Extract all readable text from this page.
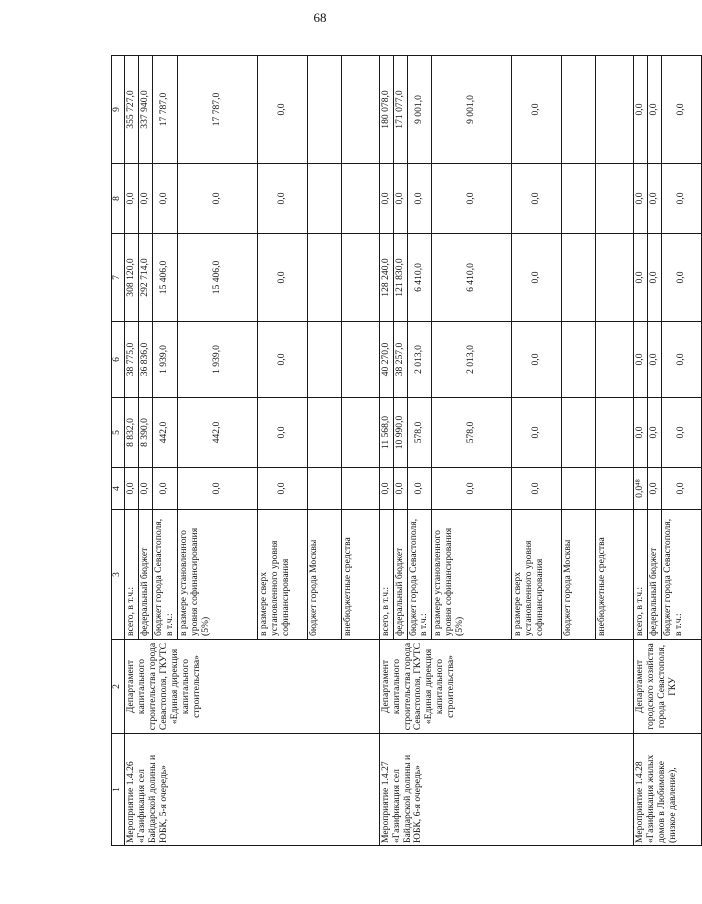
68
1	2	3	4	5	6	7	8	9
Мероприятие 1.4.26 «Газификация сел Байдарской долины и ЮБК, 5-я очередь»	Департамент капитального строительства города Севастополя, ГКУТС «Единая дирекция капитального строительства»	всего, в т.ч.:	0,0	8 832,0	38 775,0	308 120,0	0,0	355 727,0
		федеральный бюджет	0,0	8 390,0	36 836,0	292 714,0	0,0	337 940,0
		бюджет города Севастополя, в т.ч.:	0,0	442,0	1 939,0	15 406,0	0,0	17 787,0
		в размере установленного уровня софинансирования (5%)	0,0	442,0	1 939,0	15 406,0	0,0	17 787,0
		в размере сверх установленного уровня софинансирования	0,0	0,0	0,0	0,0	0,0	0,0
		бюджет города Москвы						
		внебюджетные средства						
Мероприятие 1.4.27 «Газификация сел Байдарской долины и ЮБК, 6-я очередь»	Департамент капитального строительства города Севастополя, ГКУТС «Единая дирекция капитального строительства»	всего, в т.ч.:	0,0	11 568,0	40 270,0	128 240,0	0,0	180 078,0
		федеральный бюджет	0,0	10 990,0	38 257,0	121 830,0	0,0	171 077,0
		бюджет города Севастополя, в т.ч.:	0,0	578,0	2 013,0	6 410,0	0,0	9 001,0
		в размере установленного уровня софинансирования (5%)	0,0	578,0	2 013,0	6 410,0	0,0	9 001,0
		в размере сверх установленного уровня софинансирования	0,0	0,0	0,0	0,0	0,0	0,0
		бюджет города Москвы						
		внебюджетные средства						
Мероприятие 1.4.28 «Газификация жилых домов в Любимовке (низкое давление),	Департамент городского хозяйства города Севастополя, ГКУ	всего, в т.ч.:	0,0⁴⁸	0,0	0,0	0,0	0,0	0,0
		федеральный бюджет	0,0	0,0	0,0	0,0	0,0	0,0
		бюджет города Севастополя, в т.ч.:	0,0	0,0	0,0	0,0	0,0	0,0
